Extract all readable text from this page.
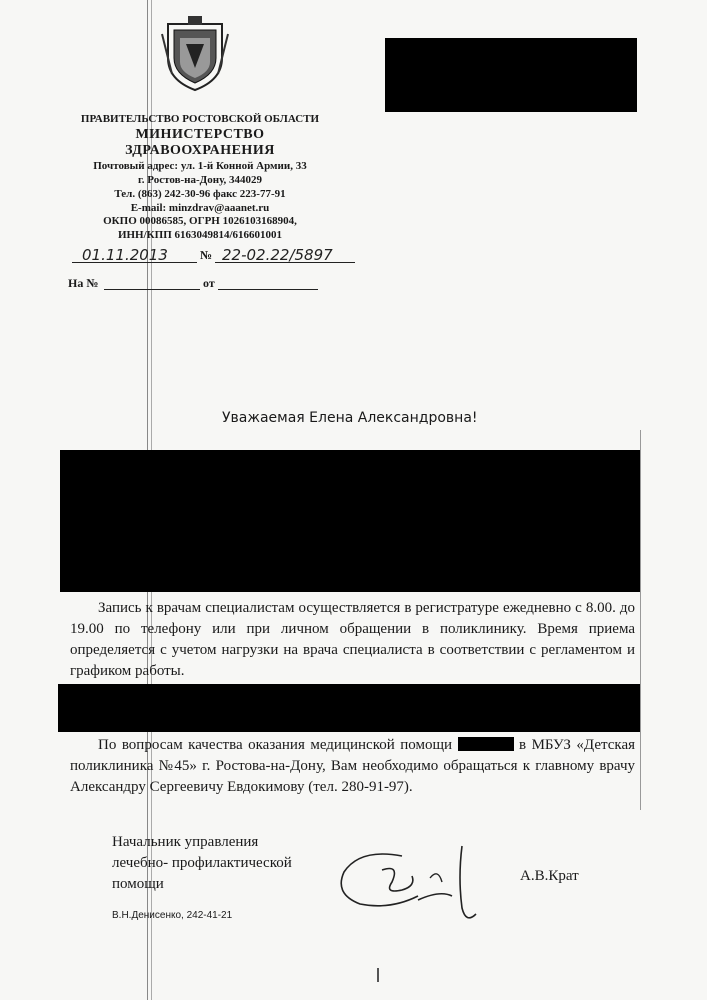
ПРАВИТЕЛЬСТВО РОСТОВСКОЙ ОБЛАСТИ
МИНИСТЕРСТВО
ЗДРАВООХРАНЕНИЯ
Почтовый адрес: ул. 1-й Конной Армии, 33
г. Ростов-на-Дону, 344029
Тел. (863) 242-30-96 факс 223-77-91
E-mail: minzdrav@aaanet.ru
ОКПО 00086585, ОГРН 1026103168904,
ИНН/КПП 6163049814/616601001
01.11.2013	№ 22-02.22/5897
На №	от
Уважаемая Елена Александровна!

Запись к врачам специалистам осуществляется в регистратуре ежедневно с 8.00. до 19.00 по телефону или при личном обращении в поликлинику. Время приема определяется с учетом нагрузки на врача специалиста в соответствии с регламентом и графиком работы.

По вопросам качества оказания медицинской помощи	в МБУЗ «Детская поликлиника №45» г. Ростова-на-Дону, Вам необходимо обращаться к главному врачу Александру Сергеевичу Евдокимову (тел. 280-91-97).

Начальник управления
лечебно- профилактической
помощи	А.В.Крат
В.Н.Денисенко, 242-41-21
